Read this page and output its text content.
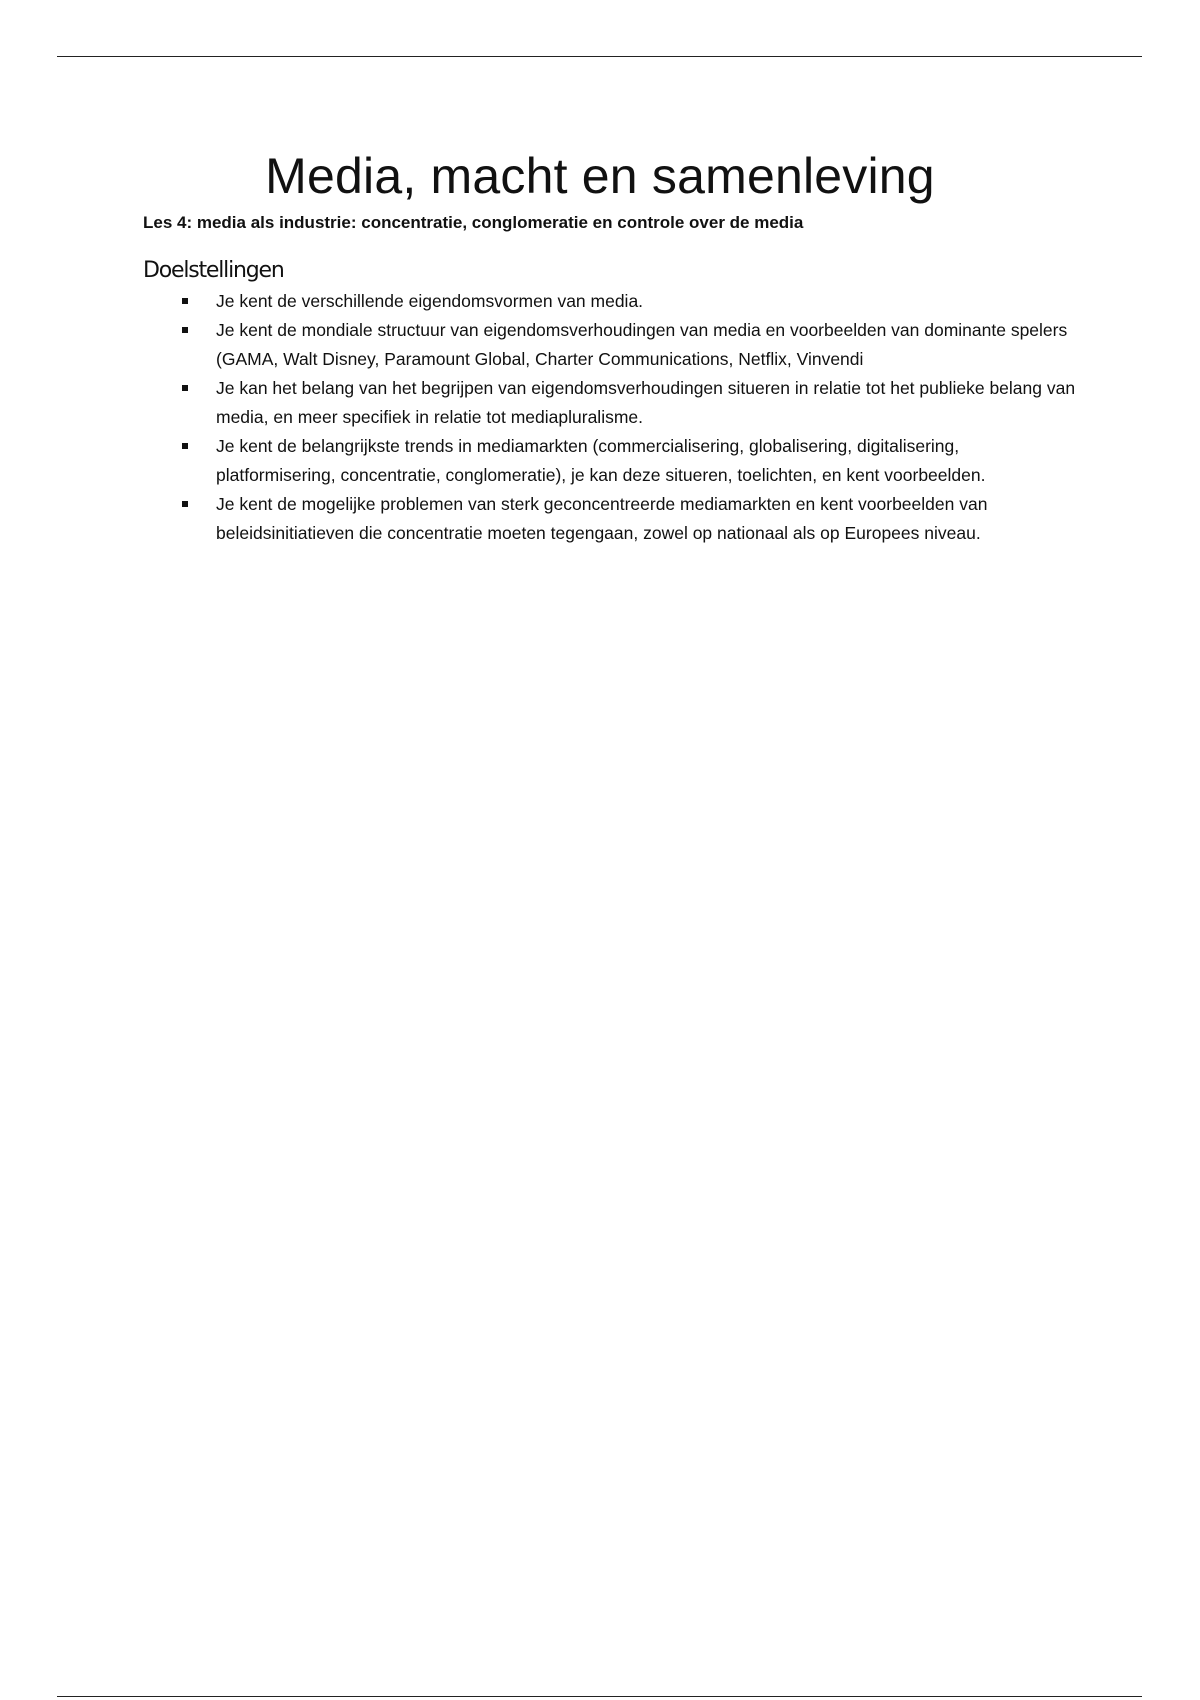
Media, macht en samenleving

Les 4: media als industrie: concentratie, conglomeratie en controle over de media

Doelstellingen
Je kent de verschillende eigendomsvormen van media.
Je kent de mondiale structuur van eigendomsverhoudingen van media en voorbeelden van dominante spelers (GAMA, Walt Disney, Paramount Global, Charter Communications, Netflix, Vinvendi
Je kan het belang van het begrijpen van eigendomsverhoudingen situeren in relatie tot het publieke belang van media, en meer specifiek in relatie tot mediapluralisme.
Je kent de belangrijkste trends in mediamarkten (commercialisering, globalisering, digitalisering, platformisering, concentratie, conglomeratie), je kan deze situeren, toelichten, en kent voorbeelden.
Je kent de mogelijke problemen van sterk geconcentreerde mediamarkten en kent voorbeelden van beleidsinitiatieven die concentratie moeten tegengaan, zowel op nationaal als op Europees niveau.
